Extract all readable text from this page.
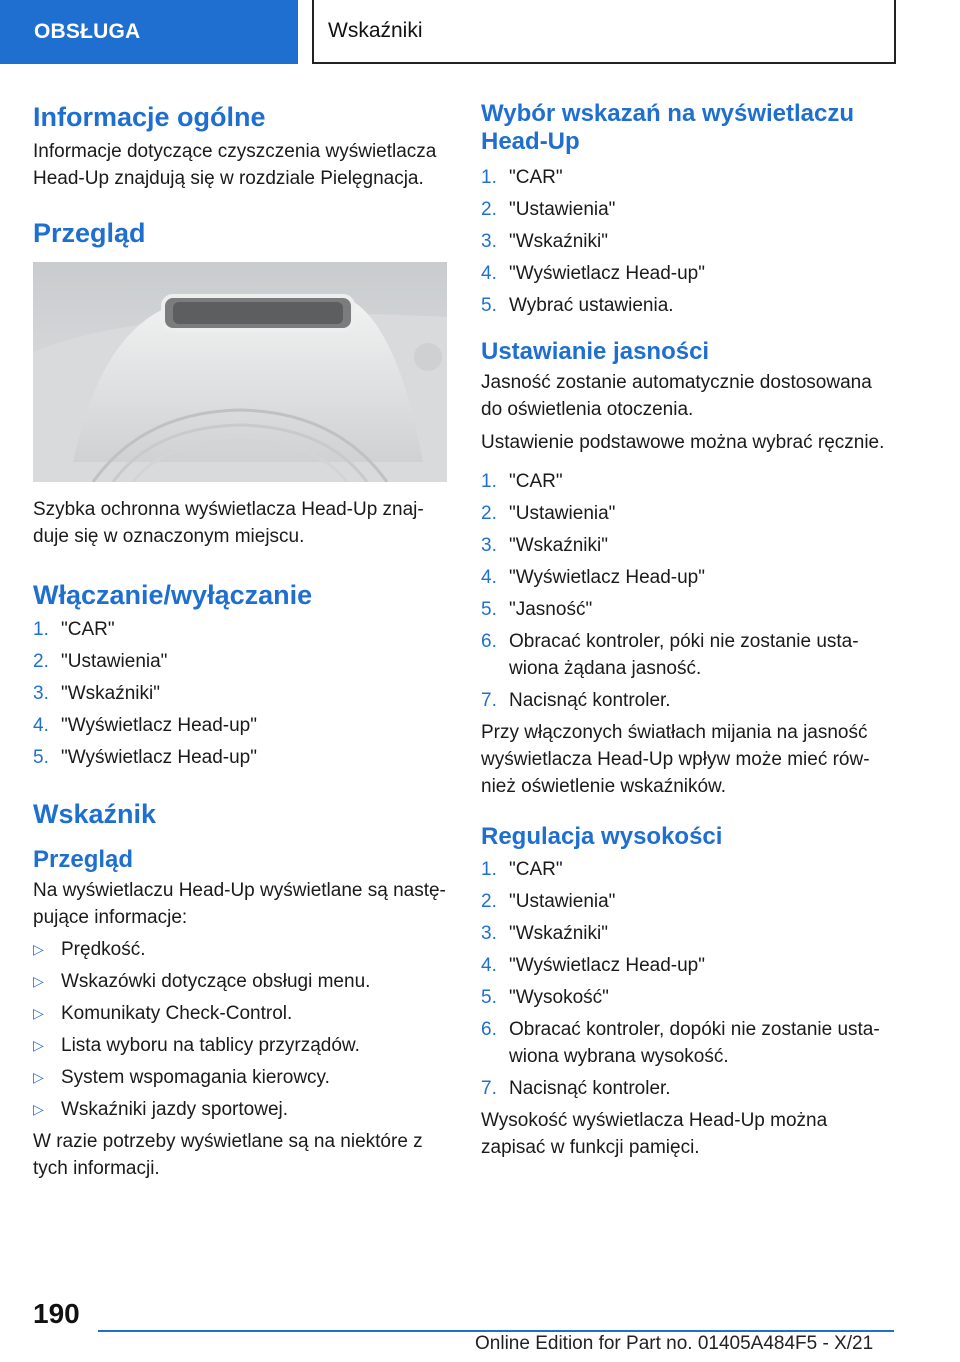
OBSŁUGA	Wskaźniki
Informacje ogólne

Informacje dotyczące czyszczenia wyświetlacza Head-Up znajdują się w rozdziale Pielęgnacja.

Przegląd

Szybka ochronna wyświetlacza Head-Up znaj-duje się w oznaczonym miejscu.

Włączanie/wyłączanie
1. "CAR"
2. "Ustawienia"
3. "Wskaźniki"
4. "Wyświetlacz Head-up"
5. "Wyświetlacz Head-up"
Wskaźnik
Przegląd

Na wyświetlaczu Head-Up wyświetlane są nastę-pujące informacje:

▷ Prędkość.
▷ Wskazówki dotyczące obsługi menu.
▷ Komunikaty Check-Control.
▷ Lista wyboru na tablicy przyrządów.
▷ System wspomagania kierowcy.
▷ Wskaźniki jazdy sportowej.

W razie potrzeby wyświetlane są na niektóre z tych informacji.

Wybór wskazań na wyświetlaczu Head-Up
1. "CAR"
2. "Ustawienia"
3. "Wskaźniki"
4. "Wyświetlacz Head-up"
5. Wybrać ustawienia.
Ustawianie jasności

Jasność zostanie automatycznie dostosowana do oświetlenia otoczenia.

Ustawienie podstawowe można wybrać ręcznie.

1. "CAR"
2. "Ustawienia"
3. "Wskaźniki"
4. "Wyświetlacz Head-up"
5. "Jasność"
6. Obracać kontroler, póki nie zostanie usta-wiona żądana jasność.
7. Nacisnąć kontroler.

Przy włączonych światłach mijania na jasność wyświetlacza Head-Up wpływ może mieć rów-nież oświetlenie wskaźników.

Regulacja wysokości
1. "CAR"
2. "Ustawienia"
3. "Wskaźniki"
4. "Wyświetlacz Head-up"
5. "Wysokość"
6. Obracać kontroler, dopóki nie zostanie usta-wiona wybrana wysokość.
7. Nacisnąć kontroler.

Wysokość wyświetlacza Head-Up można zapisać w funkcji pamięci.

190
Online Edition for Part no. 01405A484F5 - X/21
